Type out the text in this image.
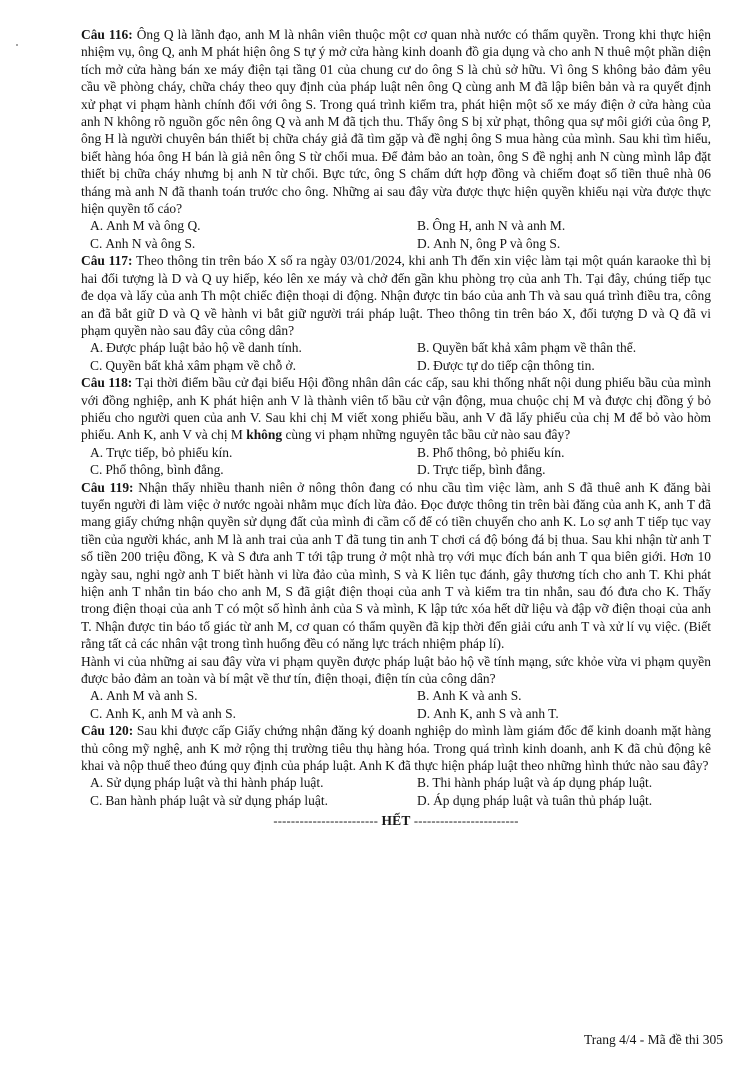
Câu 116: Ông Q là lãnh đạo, anh M là nhân viên thuộc một cơ quan nhà nước có thẩm quyền. Trong khi thực hiện nhiệm vụ, ông Q, anh M phát hiện ông S tự ý mở cửa hàng kinh doanh đồ gia dụng và cho anh N thuê một phần diện tích mở cửa hàng bán xe máy điện tại tầng 01 của chung cư do ông S là chủ sở hữu. Vì ông S không bảo đảm yêu cầu về phòng cháy, chữa cháy theo quy định của pháp luật nên ông Q cùng anh M đã lập biên bản và ra quyết định xử phạt vi phạm hành chính đối với ông S. Trong quá trình kiểm tra, phát hiện một số xe máy điện ở cửa hàng của anh N không rõ nguồn gốc nên ông Q và anh M đã tịch thu. Thấy ông S bị xử phạt, thông qua sự môi giới của ông P, ông H là người chuyên bán thiết bị chữa cháy giả đã tìm gặp và đề nghị ông S mua hàng của mình. Sau khi tìm hiểu, biết hàng hóa ông H bán là giả nên ông S từ chối mua. Để đảm bảo an toàn, ông S đề nghị anh N cùng mình lắp đặt thiết bị chữa cháy nhưng bị anh N từ chối. Bực tức, ông S chấm dứt hợp đồng và chiếm đoạt số tiền thuê nhà 06 tháng mà anh N đã thanh toán trước cho ông. Những ai sau đây vừa được thực hiện quyền khiếu nại vừa được thực hiện quyền tố cáo?

A. Anh M và ông Q.	B. Ông H, anh N và anh M.
C. Anh N và ông S.	D. Anh N, ông P và ông S.

Câu 117: Theo thông tin trên báo X số ra ngày 03/01/2024, khi anh Th đến xin việc làm tại một quán karaoke thì bị hai đối tượng là D và Q uy hiếp, kéo lên xe máy và chở đến gần khu phòng trọ của anh Th. Tại đây, chúng tiếp tục đe dọa và lấy của anh Th một chiếc điện thoại di động. Nhận được tin báo của anh Th và sau quá trình điều tra, công an đã bắt giữ D và Q về hành vi bắt giữ người trái pháp luật. Theo thông tin trên báo X, đối tượng D và Q đã vi phạm quyền nào sau đây của công dân?

A. Được pháp luật bảo hộ về danh tính.	B. Quyền bất khả xâm phạm về thân thể.
C. Quyền bất khả xâm phạm về chỗ ở.	D. Được tự do tiếp cận thông tin.

Câu 118: Tại thời điểm bầu cử đại biểu Hội đồng nhân dân các cấp, sau khi thống nhất nội dung phiếu bầu của mình với đồng nghiệp, anh K phát hiện anh V là thành viên tổ bầu cử vận động, mua chuộc chị M và được chị đồng ý bỏ phiếu cho người quen của anh V. Sau khi chị M viết xong phiếu bầu, anh V đã lấy phiếu của chị M để bỏ vào hòm phiếu. Anh K, anh V và chị M không cùng vi phạm những nguyên tắc bầu cử nào sau đây?

A. Trực tiếp, bỏ phiếu kín.	B. Phổ thông, bỏ phiếu kín.
C. Phổ thông, bình đẳng.	D. Trực tiếp, bình đẳng.

Câu 119: Nhận thấy nhiều thanh niên ở nông thôn đang có nhu cầu tìm việc làm, anh S đã thuê anh K đăng bài tuyển người đi làm việc ở nước ngoài nhằm mục đích lừa đảo. Đọc được thông tin trên bài đăng của anh K, anh T đã mang giấy chứng nhận quyền sử dụng đất của mình đi cầm cố để có tiền chuyển cho anh K. Lo sợ anh T tiếp tục vay tiền của người khác, anh M là anh trai của anh T đã tung tin anh T chơi cá độ bóng đá bị thua. Sau khi nhận từ anh T số tiền 200 triệu đồng, K và S đưa anh T tới tập trung ở một nhà trọ với mục đích bán anh T qua biên giới. Hơn 10 ngày sau, nghi ngờ anh T biết hành vi lừa đảo của mình, S và K liên tục đánh, gây thương tích cho anh T. Khi phát hiện anh T nhắn tin báo cho anh M, S đã giật điện thoại của anh T và kiểm tra tin nhắn, sau đó đưa cho K. Thấy trong điện thoại của anh T có một số hình ảnh của S và mình, K lập tức xóa hết dữ liệu và đập vỡ điện thoại của anh T. Nhận được tin báo tố giác từ anh M, cơ quan có thẩm quyền đã kịp thời đến giải cứu anh T và xử lí vụ việc. (Biết rằng tất cả các nhân vật trong tình huống đều có năng lực trách nhiệm pháp lí).

Hành vi của những ai sau đây vừa vi phạm quyền được pháp luật bảo hộ về tính mạng, sức khỏe vừa vi phạm quyền được bảo đảm an toàn và bí mật về thư tín, điện thoại, điện tín của công dân?

A. Anh M và anh S.	B. Anh K và anh S.
C. Anh K, anh M và anh S.	D. Anh K, anh S và anh T.

Câu 120: Sau khi được cấp Giấy chứng nhận đăng ký doanh nghiệp do mình làm giám đốc để kinh doanh mặt hàng thủ công mỹ nghệ, anh K mở rộng thị trường tiêu thụ hàng hóa. Trong quá trình kinh doanh, anh K đã chủ động kê khai và nộp thuế theo đúng quy định của pháp luật. Anh K đã thực hiện pháp luật theo những hình thức nào sau đây?

A. Sử dụng pháp luật và thi hành pháp luật.	B. Thi hành pháp luật và áp dụng pháp luật.
C. Ban hành pháp luật và sử dụng pháp luật.	D. Áp dụng pháp luật và tuân thủ pháp luật.
------------------------ HẾT ------------------------
Trang 4/4 - Mã đề thi 305
